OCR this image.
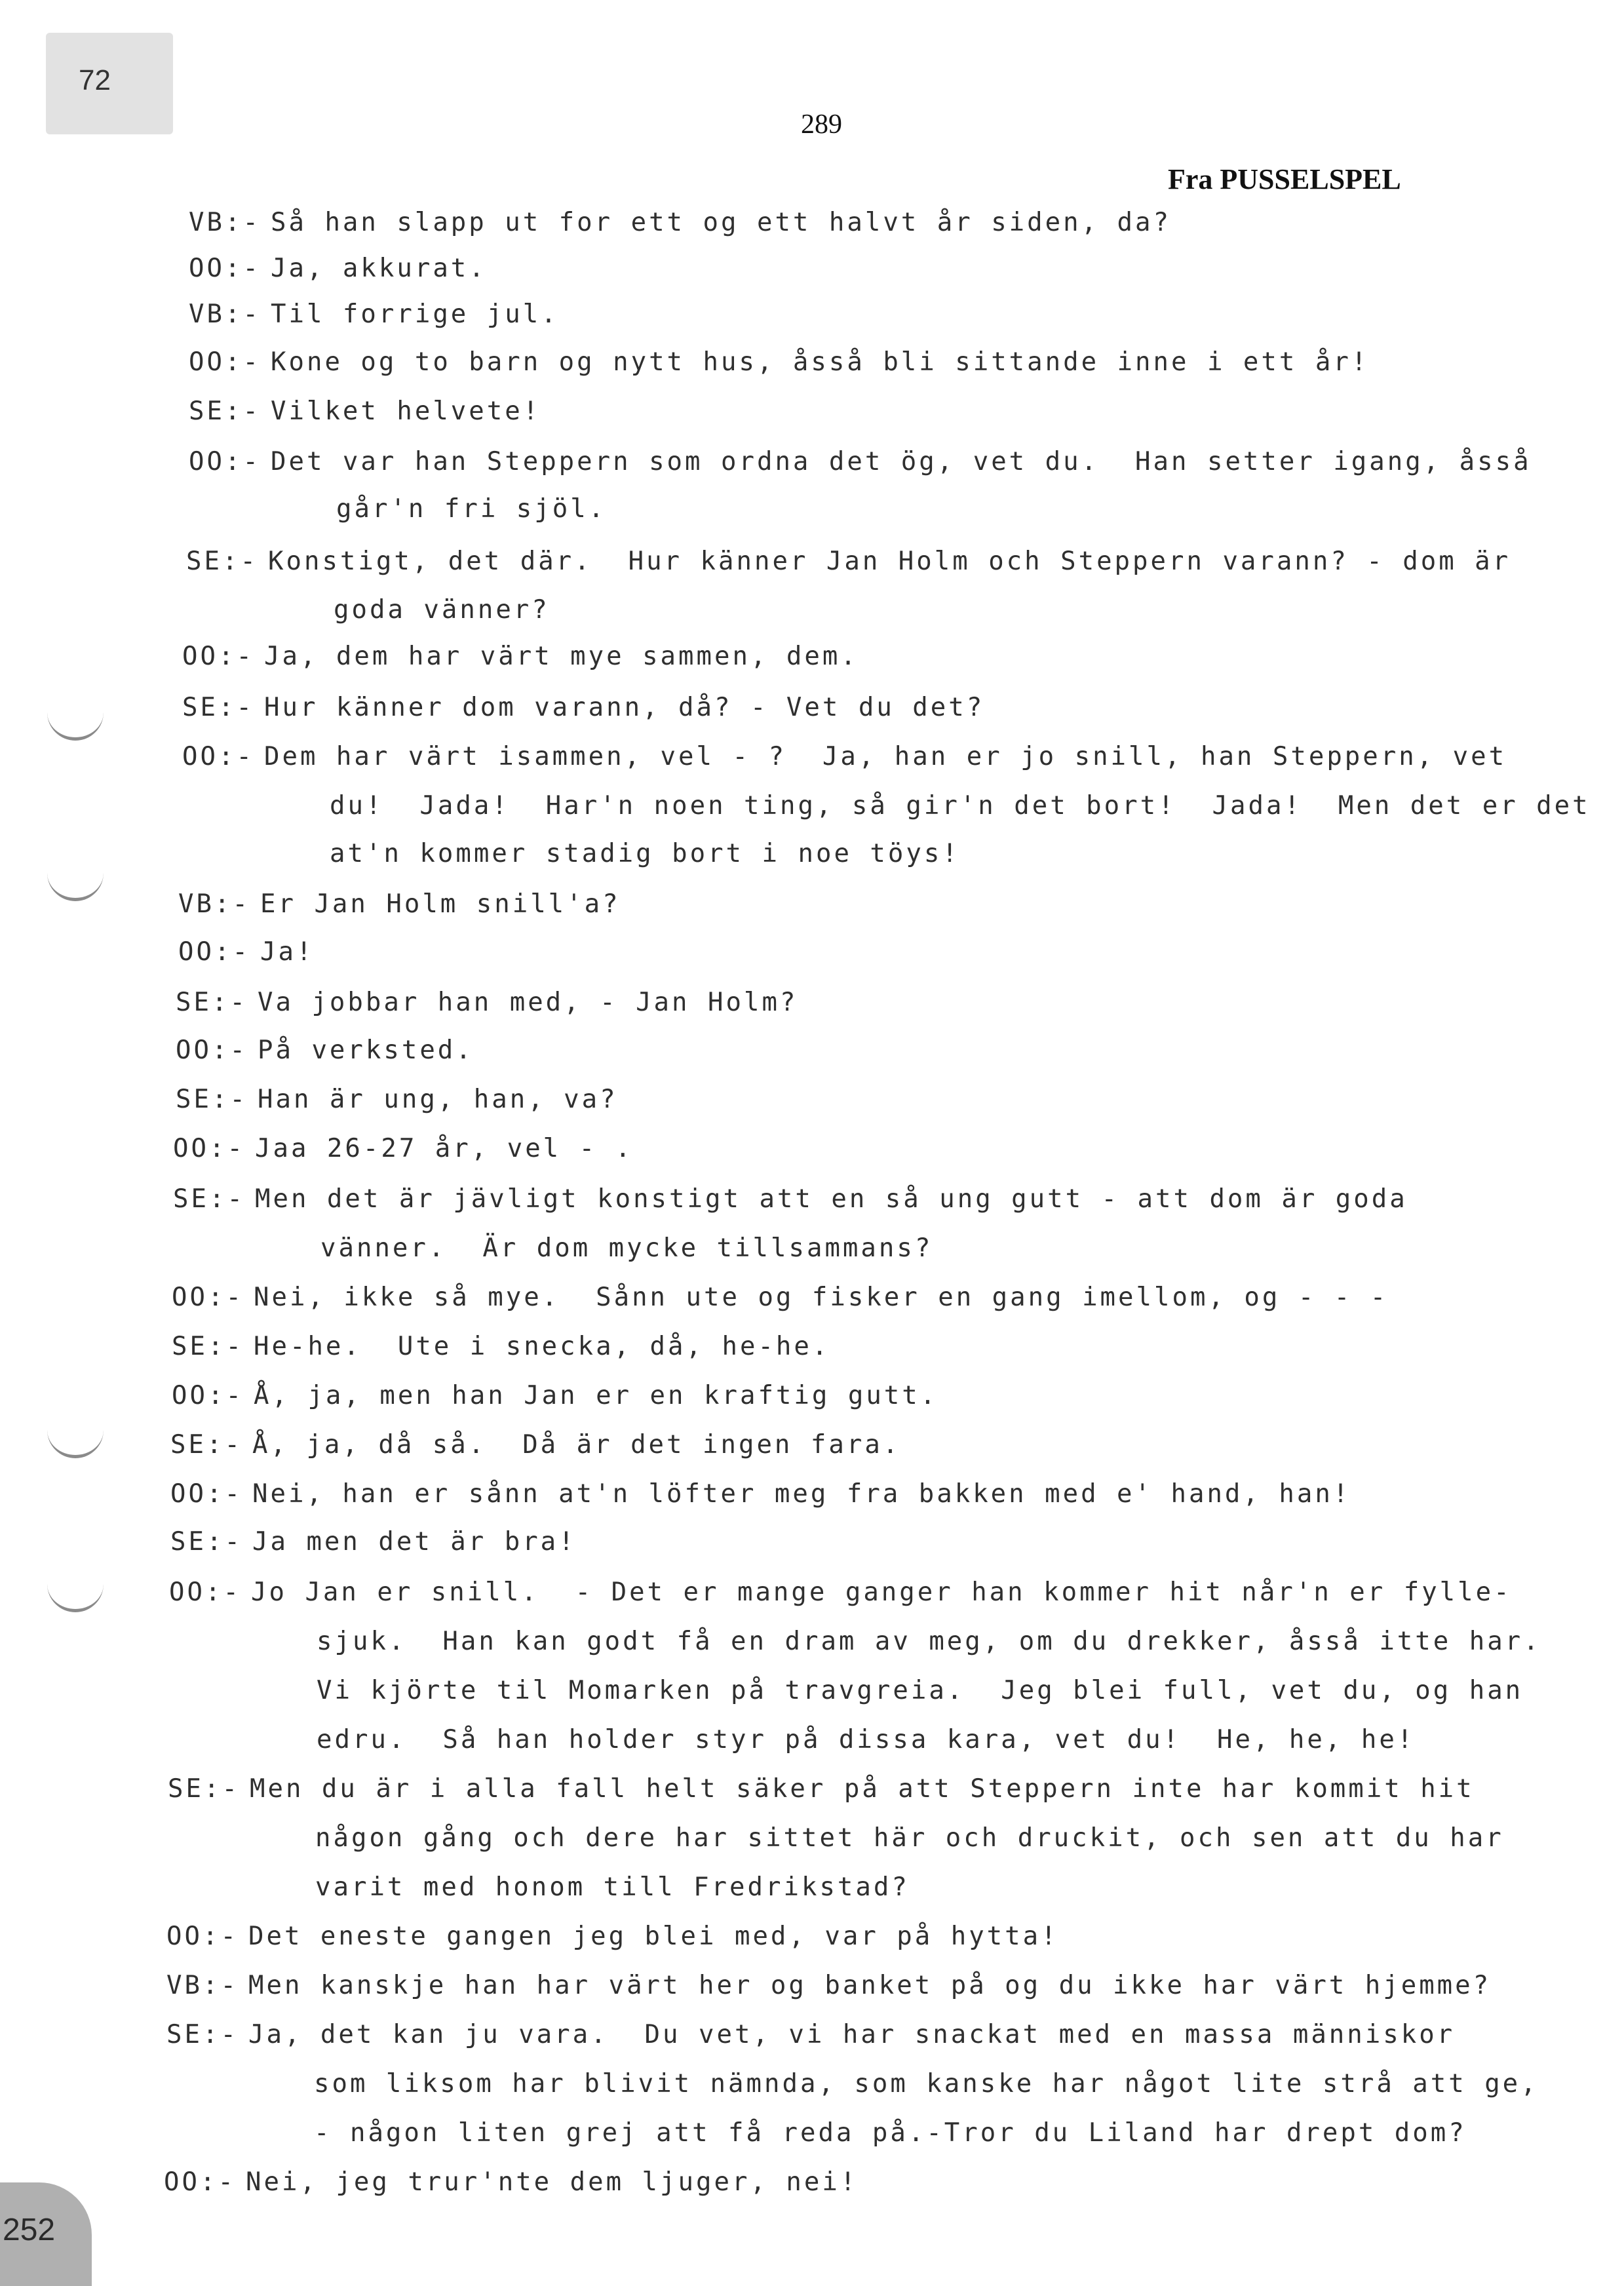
72
289
Fra PUSSELSPEL
VB:- Så han slapp ut for ett og ett halvt år siden, da?
OO:- Ja, akkurat.
VB:- Til forrige jul.
OO:- Kone og to barn og nytt hus, åsså bli sittande inne i ett år!
SE:- Vilket helvete!
OO:- Det var han Steppern som ordna det ög, vet du.  Han setter igang, åsså
går'n fri sjöl.
SE:- Konstigt, det där.  Hur känner Jan Holm och Steppern varann? - dom är
goda vänner?
OO:- Ja, dem har värt mye sammen, dem.
SE:- Hur känner dom varann, då? - Vet du det?
OO:- Dem har värt isammen, vel - ?  Ja, han er jo snill, han Steppern, vet
du!  Jada!  Har'n noen ting, så gir'n det bort!  Jada!  Men det er det
at'n kommer stadig bort i noe töys!
VB:- Er Jan Holm snill'a?
OO:- Ja!
SE:- Va jobbar han med, - Jan Holm?
OO:- På verksted.
SE:- Han är ung, han, va?
OO:- Jaa 26-27 år, vel - .
SE:- Men det är jävligt konstigt att en så ung gutt - att dom är goda
vänner.  Är dom mycke tillsammans?
OO:- Nei, ikke så mye.  Sånn ute og fisker en gang imellom, og - - -
SE:- He-he.  Ute i snecka, då, he-he.
OO:- Å, ja, men han Jan er en kraftig gutt.
SE:- Å, ja, då så.  Då är det ingen fara.
OO:- Nei, han er sånn at'n löfter meg fra bakken med e' hand, han!
SE:- Ja men det är bra!
OO:- Jo Jan er snill.  - Det er mange ganger han kommer hit når'n er fylle-
sjuk.  Han kan godt få en dram av meg, om du drekker, åsså itte har.
Vi kjörte til Momarken på travgreia.  Jeg blei full, vet du, og han
edru.  Så han holder styr på dissa kara, vet du!  He, he, he!
SE:- Men du är i alla fall helt säker på att Steppern inte har kommit hit
någon gång och dere har sittet här och druckit, och sen att du har
varit med honom till Fredrikstad?
OO:- Det eneste gangen jeg blei med, var på hytta!
VB:- Men kanskje han har värt her og banket på og du ikke har värt hjemme?
SE:- Ja, det kan ju vara.  Du vet, vi har snackat med en massa människor
som liksom har blivit nämnda, som kanske har något lite strå att ge,
- någon liten grej att få reda på.-Tror du Liland har drept dom?
OO:- Nei, jeg trur'nte dem ljuger, nei!
252
